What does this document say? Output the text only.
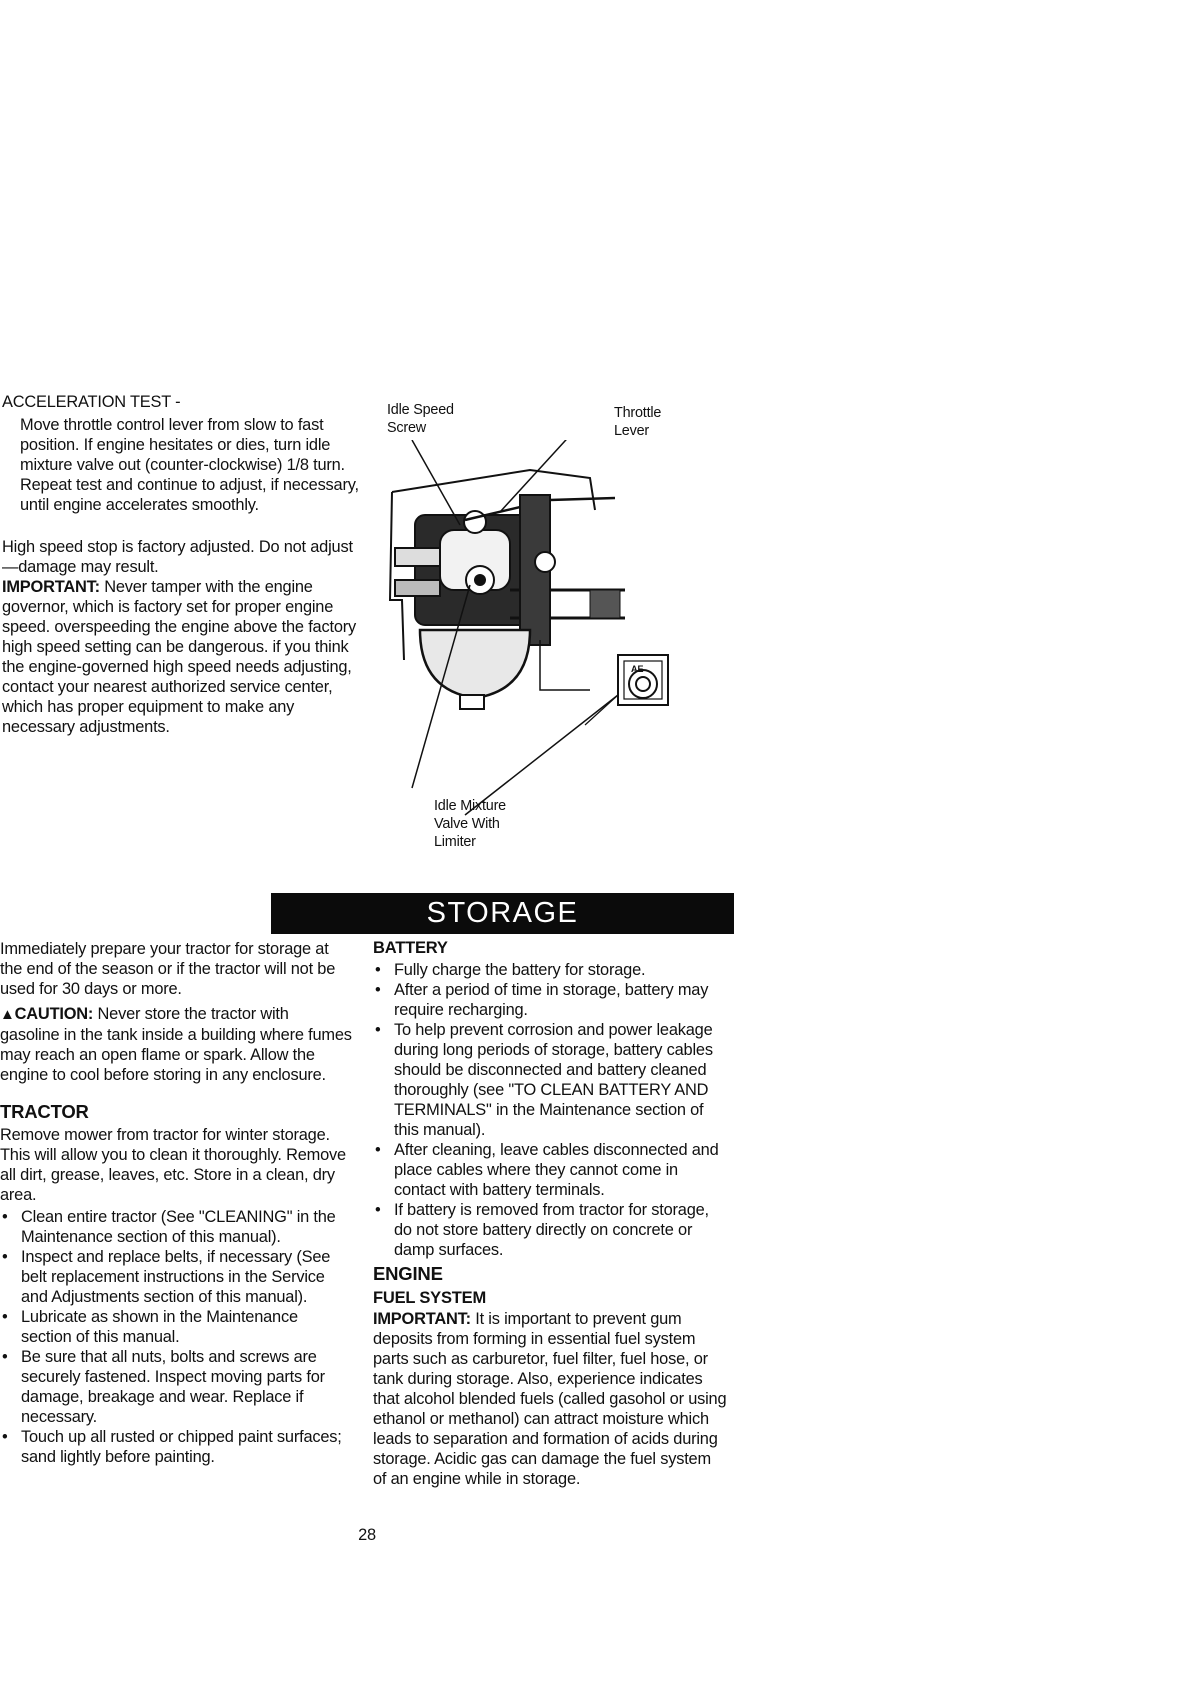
ACCELERATION TEST -
Move throttle control lever from slow to fast position. If engine hesitates or dies, turn idle mixture valve out (counter-clockwise) 1/8 turn. Repeat test and continue to adjust, if necessary, until engine accelerates smoothly.
High speed stop is factory adjusted. Do not adjust—damage may result.
IMPORTANT: Never tamper with the engine governor, which is factory set for proper engine speed. overspeeding the engine above the factory high speed setting can be dangerous. if you think the engine-governed high speed needs adjusting, contact your nearest authorized service center, which has proper equipment to make any necessary adjustments.
Idle Speed Screw
Throttle Lever
Idle Mixture Valve With Limiter
AE
STORAGE
Immediately prepare your tractor for storage at the end of the season or if the tractor will not be used for 30 days or more.
▲CAUTION: Never store the tractor with gasoline in the tank inside a building where fumes may reach an open flame or spark. Allow the engine to cool before storing in any enclosure.
TRACTOR
Remove mower from tractor for winter storage. This will allow you to clean it thoroughly. Remove all dirt, grease, leaves, etc. Store in a clean, dry area.
• Clean entire tractor (See "CLEANING" in the Maintenance section of this manual).
• Inspect and replace belts, if necessary (See belt replacement instructions in the Service and Adjustments section of this manual).
• Lubricate as shown in the Maintenance section of this manual.
• Be sure that all nuts, bolts and screws are securely fastened. Inspect moving parts for damage, breakage and wear. Replace if necessary.
• Touch up all rusted or chipped paint surfaces; sand lightly before painting.
BATTERY
• Fully charge the battery for storage.
• After a period of time in storage, battery may require recharging.
• To help prevent corrosion and power leakage during long periods of storage, battery cables should be disconnected and battery cleaned thoroughly (see "TO CLEAN BATTERY AND TERMINALS" in the Maintenance section of this manual).
• After cleaning, leave cables disconnected and place cables where they cannot come in contact with battery terminals.
• If battery is removed from tractor for storage, do not store battery directly on concrete or damp surfaces.
ENGINE
FUEL SYSTEM
IMPORTANT: It is important to prevent gum deposits from forming in essential fuel system parts such as carburetor, fuel filter, fuel hose, or tank during storage. Also, experience indicates that alcohol blended fuels (called gasohol or using ethanol or methanol) can attract moisture which leads to separation and formation of acids during storage. Acidic gas can damage the fuel system of an engine while in storage.
28
